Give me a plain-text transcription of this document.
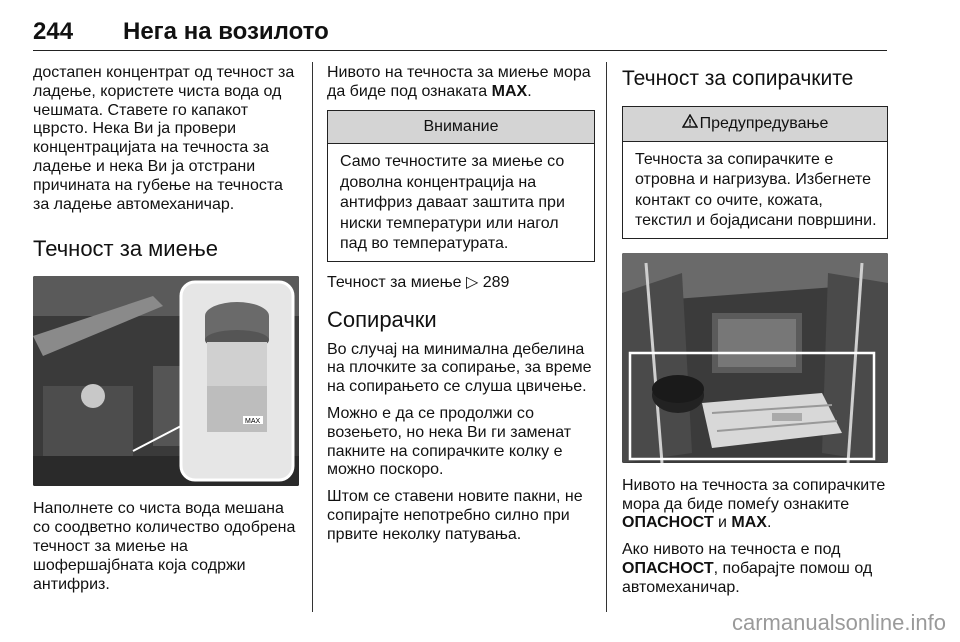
244 Нега на возилото

достапен концентрат од течност за ладење, користете чиста вода од чешмата. Ставете го капакот цврсто. Нека Ви ја провери концентрацијата на течноста за ладење и нека Ви ја отстрани причината на губење на течноста за ладење автомеханичар.

Течност за миење
MAX

Наполнете со чиста вода мешана со соодветно количество одобрена течност за миење на шофершајбната која содржи антифриз.

Нивото на течноста за миење мора да биде под ознаката MAX.

Внимание
Само течностите за миење со доволна концентрација на антифриз даваат заштита при ниски температури или нагол пад во температурата.

Течност за миење ▷ 289

Сопирачки

Во случај на минимална дебелина на плочките за сопирање, за време на сопирањето се слуша цвичење.

Можно е да се продолжи со возењето, но нека Ви ги заменат пакните на сопирачките колку е можно поскоро.

Штом се ставени новите пакни, не сопирајте непотребно силно при првите неколку патувања.

Течност за сопирачките
Предупредување
Течноста за сопирачките е отровна и нагризува. Избегнете контакт со очите, кожата, текстил и бојадисани површини.

Нивото на течноста за сопирачките мора да биде помеѓу ознаките ОПАСНОСТ и MAX.

Ако нивото на течноста е под ОПАСНОСТ, побарајте помош од автомеханичар.

carmanualsonline.info
